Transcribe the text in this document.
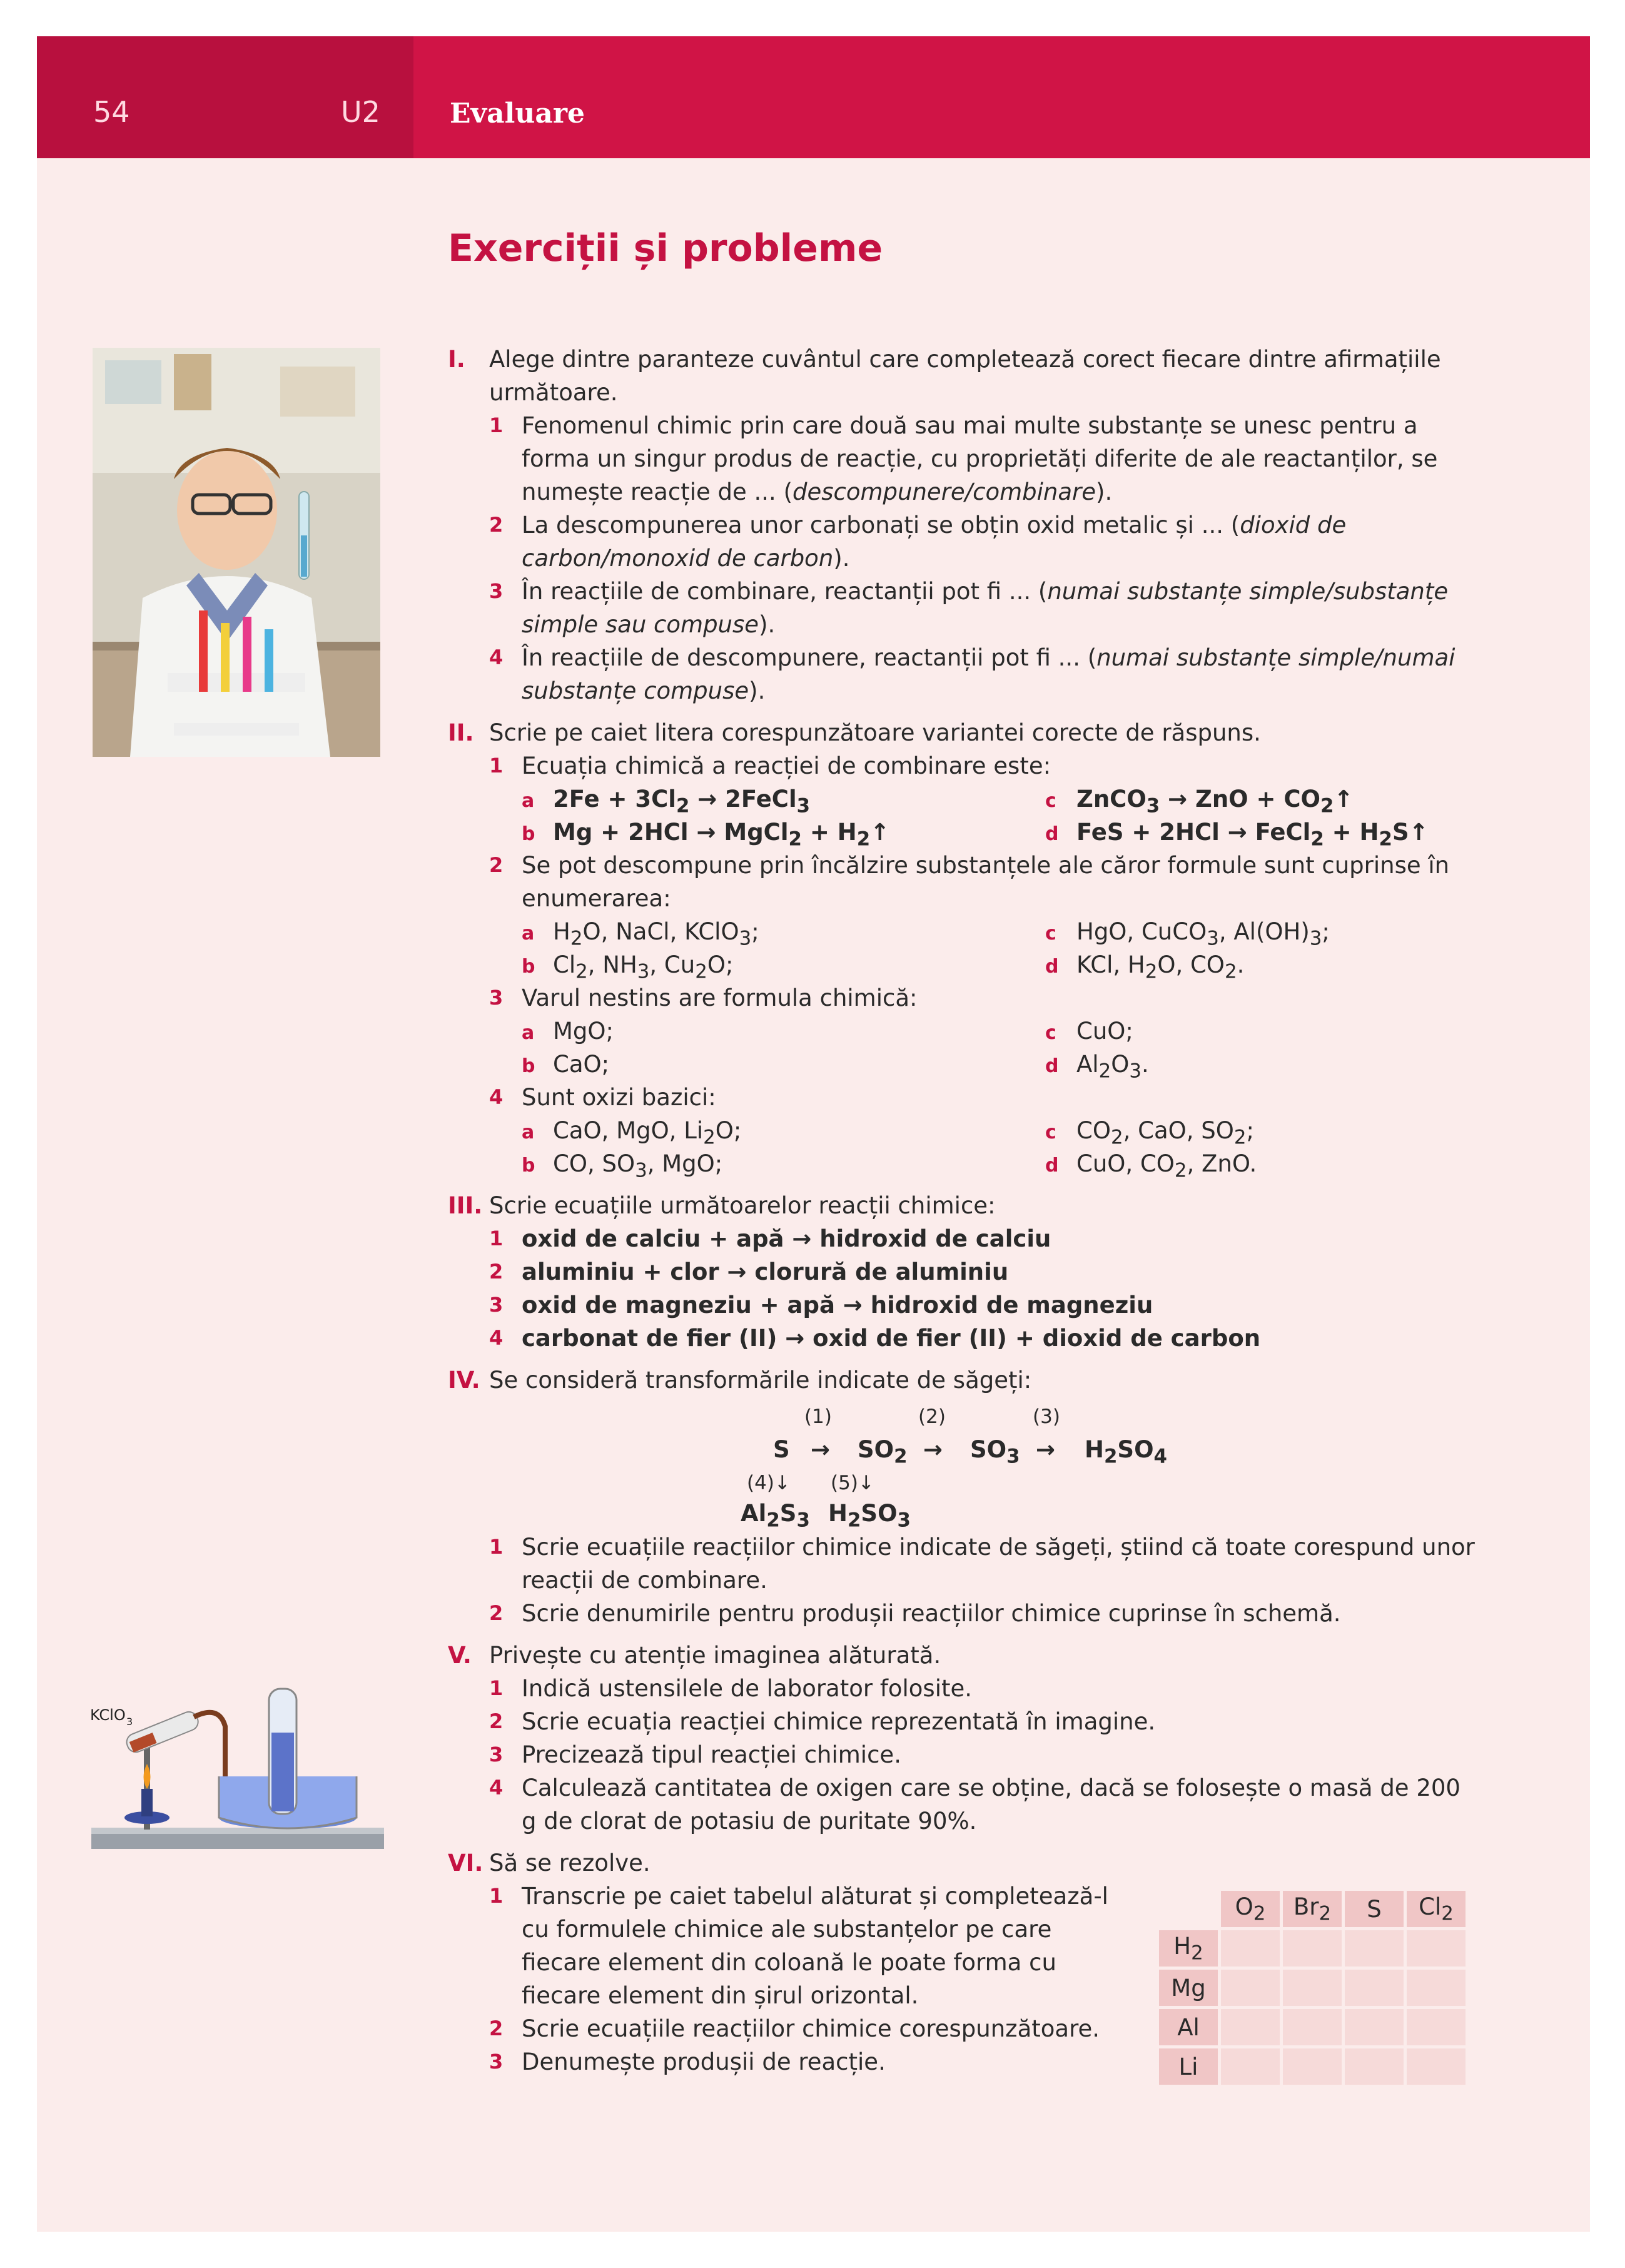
54	U2	Evaluare
Exerciții și probleme
KClO 3
I. Alege dintre paranteze cuvântul care completează corect fiecare dintre afirmațiile următoare.

1 Fenomenul chimic prin care două sau mai multe substanțe se unesc pentru a forma un singur produs de reacție, cu proprietăți diferite de ale reactanților, se numește reacție de ... (descompunere/combinare).
2 La descompunerea unor carbonați se obțin oxid metalic și ... (dioxid de carbon/monoxid de carbon).
3 În reacțiile de combinare, reactanții pot fi ... (numai substanțe simple/substanțe simple sau compuse).
4 În reacțiile de descompunere, reactanții pot fi ... (numai substanțe simple/numai substanțe compuse).
II. Scrie pe caiet litera corespunzătoare variantei corecte de răspuns.

1 Ecuația chimică a reacției de combinare este:
a $2Fe + 3Cl_2$ → 2FeCl$_3$	c ZnCO$_3$ → ZnO + $CO_2↑$
b Mg + 2HCl → MgCl$_2$ + $H_2↑$	d FeS + 2HCl → FeCl$_2$ + $H_2S↑$
2 Se pot descompune prin încălzire substanțele ale căror formule sunt cuprinse în enumerarea:
a $H_2O$, NaCl, KClO$_3$;	c HgO, CuCO$_3$, $Al(OH)_3$;
b $Cl_2$, $NH_3$, $Cu_2O$;	d KCl, $H_2O$, $CO_2$.
3 Varul nestins are formula chimică:
a MgO;	c CuO;
b CaO;	d $Al_2O_3$.
4 Sunt oxizi bazici:
a CaO, MgO, $Li_2O$;	c $CO_2$, CaO, $SO_2$;
b CO, $SO_3$, MgO;	d CuO, $CO_2$, ZnO.
III. Scrie ecuațiile următoarelor reacții chimice:

1 oxid de calciu + apă → hidroxid de calciu
2 aluminiu + clor → clorură de aluminiu
3 oxid de magneziu + apă → hidroxid de magneziu
4 carbonat de fier (II) → oxid de fier (II) + dioxid de carbon
IV. Se consideră transformările indicate de săgeți:

(1)	(2)	(3)
$S \to SO_2 \to SO_3 \to H_2SO_4$
(4)↓ (5)↓
$Al_2S_3$ $H_2SO_3$
1 Scrie ecuațiile reacțiilor chimice indicate de săgeți, știind că toate corespund unor reacții de combinare.
2 Scrie denumirile pentru produșii reacțiilor chimice cuprinse în schemă.
V. Privește cu atenție imaginea alăturată.

1 Indică ustensilele de laborator folosite.
2 Scrie ecuația reacției chimice reprezentată în imagine.
3 Precizează tipul reacției chimice.
4 Calculează cantitatea de oxigen care se obține, dacă se folosește o masă de 200 g de clorat de potasiu de puritate 90%.
VI. Să se rezolve.

1 Transcrie pe caiet tabelul alăturat și completează-l cu formulele chimice ale substanțelor pe care fiecare element din coloană le poate forma cu fiecare element din șirul orizontal.
2 Scrie ecuațiile reacțiilor chimice corespunzătoare.
3 Denumește produșii de reacție.
	$O_2$	$Br_2$	S	$Cl_2$
$H_2$				
Mg				
Al				
Li				
